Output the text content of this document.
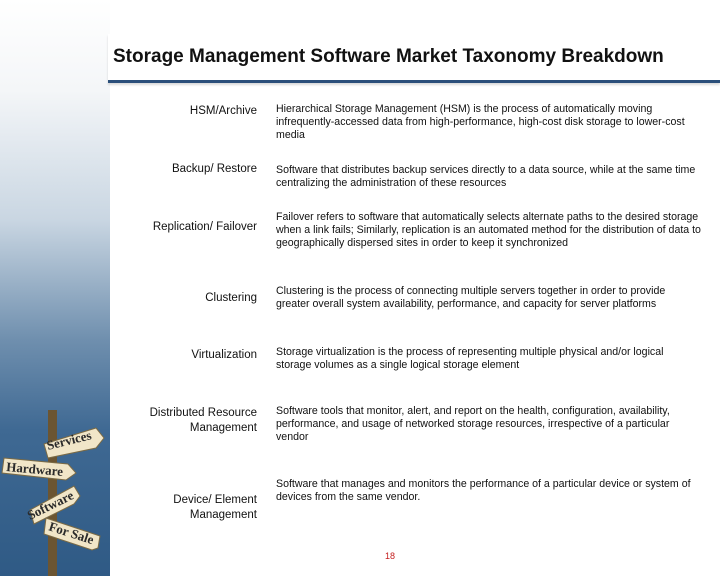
Storage Management Software Market Taxonomy Breakdown
HSM/Archive Hierarchical Storage Management (HSM) is the process of automatically moving infrequently-accessed data from high-performance, high-cost disk storage to lower-cost media
Backup/ Restore Software that distributes backup services directly to a data source, while at the same time centralizing the administration of these resources
Replication/ Failover
Failover refers to software that automatically selects alternate paths to the desired storage when a link fails; Similarly, replication is an automated method for the distribution of data to geographically dispersed sites in order to keep it synchronized
Clustering
Clustering is the process of connecting multiple servers together in order to provide greater overall system availability, performance, and capacity for server platforms
Virtualization Storage virtualization is the process of representing multiple physical and/or logical storage volumes as a single logical storage element
Distributed Resource Management
Software tools that monitor, alert, and report on the health, configuration, availability, performance, and usage of networked storage resources, irrespective of a particular vendor
Device/ Element Management
Software that manages and monitors the performance of a particular device or system of devices from the same vendor.
Services
Hardware
Software
For Sale
18
